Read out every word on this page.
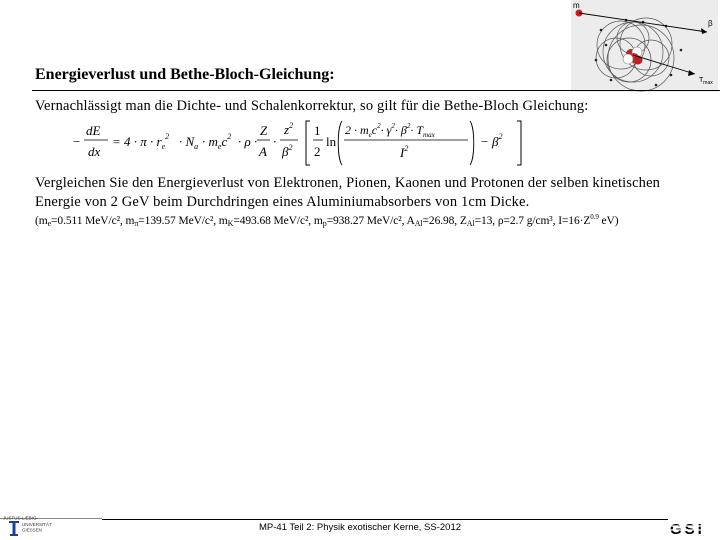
m
β
$T_{max}$
Energieverlust und Bethe-Bloch-Gleichung:
Vernachlässigt man die Dichte- und Schalenkorrektur, so gilt für die Bethe-Bloch Gleichung:
−
dE
dx
= $4 \cdot \pi \cdot r_e^2 \cdot N_a \cdot m_ec^2 \cdot \rho$ ·
Z
A
·
$z^2$
$\beta^2$
1
2
ln
$2 \cdot m_ec^2\cdot \gamma^2\cdot \beta^2\cdot T_{max}$
$I^2$	− $\beta^2$
Vergleichen Sie den Energieverlust von Elektronen, Pionen, Kaonen und Protonen der selben kinetischen
Energie von 2 GeV beim Durchdringen eines Aluminiumabsorbers von 1cm Dicke.
($m_e=0.511$ MeV/c², $m_\pi=139.57$ MeV/c², $m_K=493.68$ MeV/c², $m_p=938.27$ MeV/c², $A_{Al}=26.98$, $Z_{Al}=13$, ρ=2.7 g/cm³, $I=16\cdot Z^{0.9}$ eV)
JUSTUS-LIEBIG-
UNIVERSITÄT
GIESSEN	MP-41 Teil 2: Physik exotischer Kerne, SS-2012	GSI
